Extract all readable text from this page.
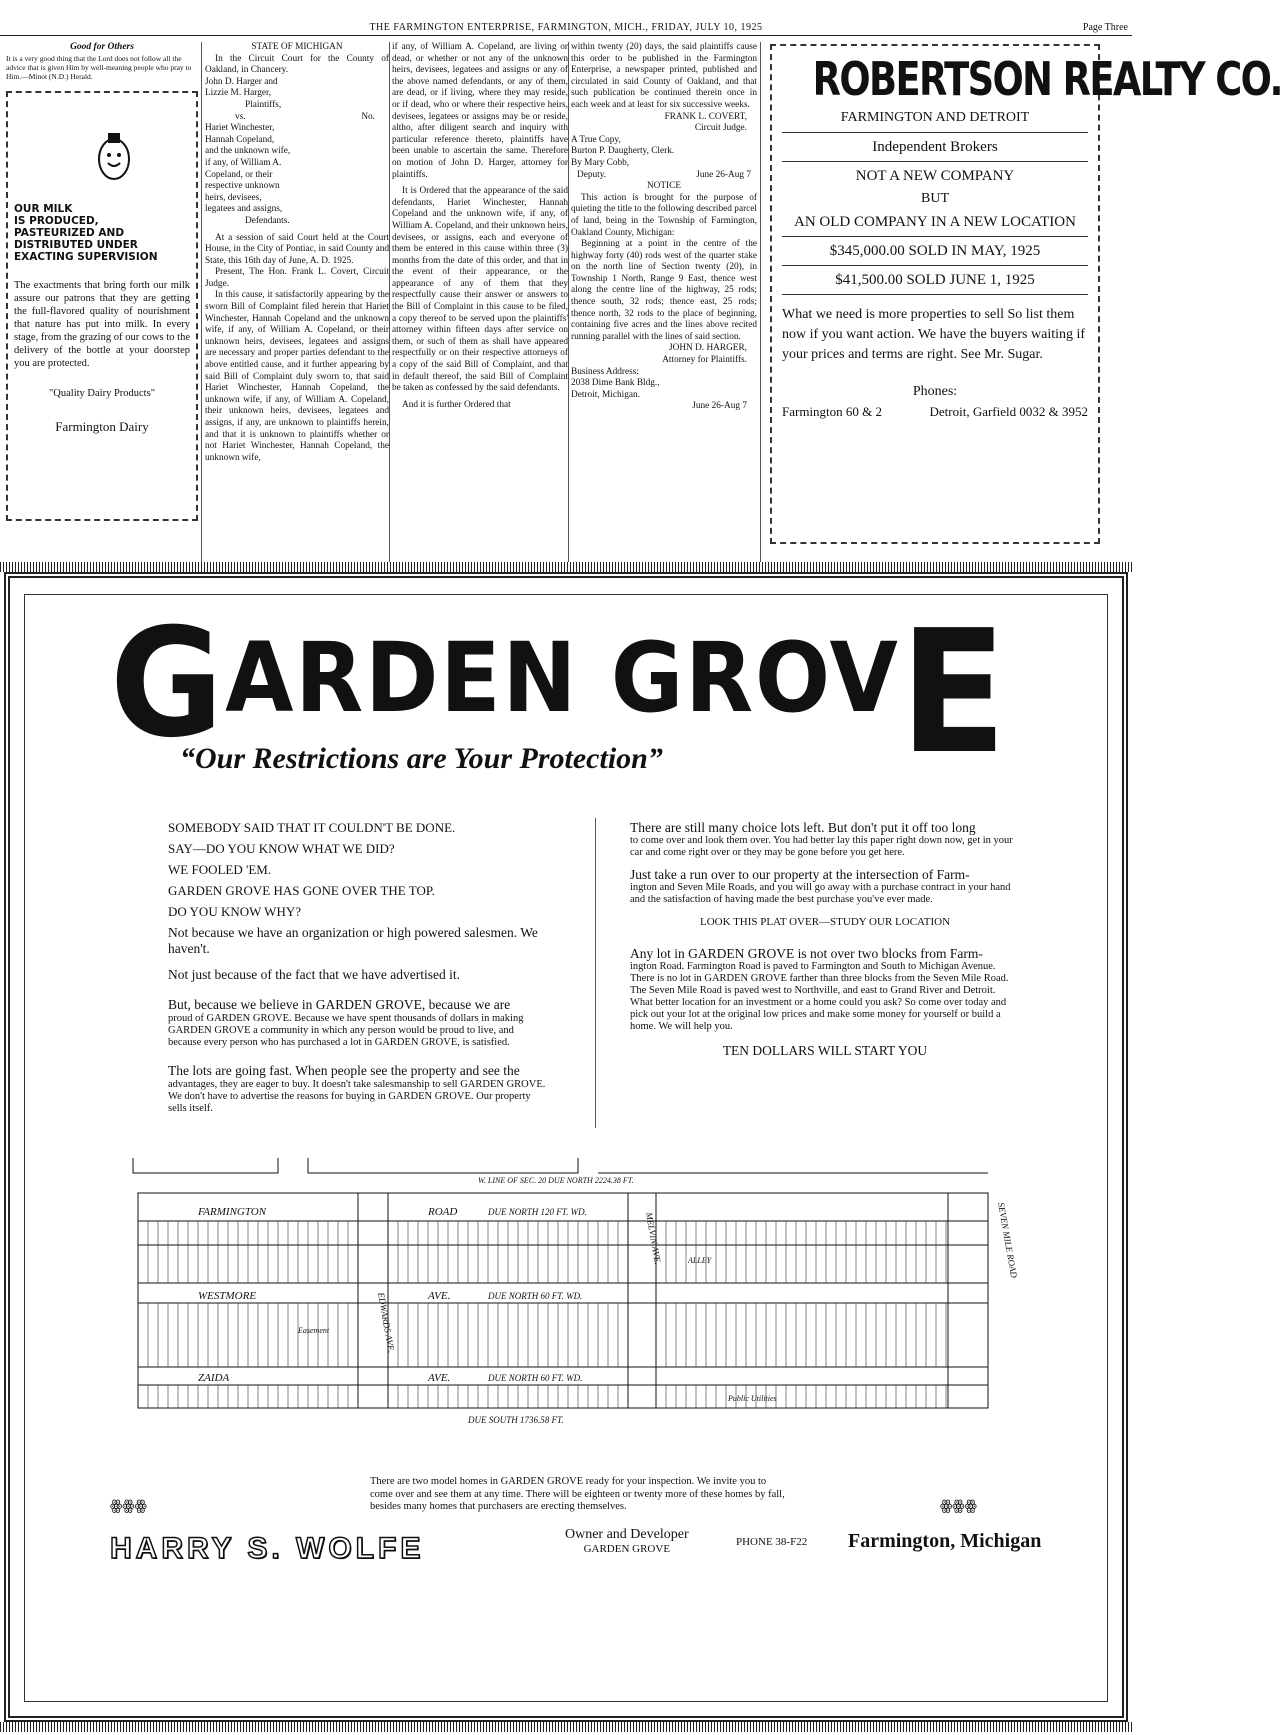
THE FARMINGTON ENTERPRISE, FARMINGTON, MICH., FRIDAY, JULY 10, 1925	Page Three
Good for Others
It is a very good thing that the Lord does not follow all the advice that is given Him by well-meaning people who pray to Him.—Minot (N.D.) Herald.
OUR MILK
IS PRODUCED,
PASTEURIZED AND
DISTRIBUTED UNDER
EXACTING SUPERVISION

The exactments that bring forth our milk assure our patrons that they are getting the full-flavored quality of nourishment that nature has put into milk. In every stage, from the grazing of our cows to the delivery of the bottle at your doorstep you are protected.

"Quality Dairy Products"
Farmington Dairy
STATE OF MICHIGAN

In the Circuit Court for the County of Oakland, in Chancery.

John D. Harger and
Lizzie M. Harger,
Plaintiffs,
vs.	No.
Hariet Winchester,
Hannah Copeland,
and the unknown wife,
if any, of William A.
Copeland, or their
respective unknown
heirs, devisees,
legatees and assigns,
Defendants.

At a session of said Court held at the Court House, in the City of Pontiac, in said County and State, this 16th day of June, A. D. 1925.

Present, The Hon. Frank L. Covert, Circuit Judge.

In this cause, it satisfactorily appearing by the sworn Bill of Complaint filed herein that Hariet Winchester, Hannah Copeland and the unknown wife, if any, of William A. Copeland, or their unknown heirs, devisees, legatees and assigns are necessary and proper parties defendant to the above entitled cause, and it further appearing by said Bill of Complaint duly sworn to, that said Hariet Winchester, Hannah Copeland, the unknown wife, if any, of William A. Copeland, their unknown heirs, devisees, legatees and assigns, if any, are unknown to plaintiffs herein, and that it is unknown to plaintiffs whether or not Hariet Winchester, Hannah Copeland, the unknown wife,

if any, of William A. Copeland, are living or dead, or whether or not any of the unknown heirs, devisees, legatees and assigns or any of the above named defendants, or any of them, are dead, or if living, where they may reside, or if dead, who or where their respective heirs, devisees, legatees or assigns may be or reside, altho, after diligent search and inquiry with particular reference thereto, plaintiffs have been unable to ascertain the same. Therefore on motion of John D. Harger, attorney for plaintiffs.

It is Ordered that the appearance of the said defendants, Hariet Winchester, Hannah Copeland and the unknown wife, if any, of William A. Copeland, and their unknown heirs, devisees, or assigns, each and everyone of them be entered in this cause within three (3) months from the date of this order, and that in the event of their appearance, or the appearance of any of them that they respectfully cause their answer or answers to the Bill of Complaint in this cause to be filed, a copy thereof to be served upon the plaintiffs' attorney within fifteen days after service on them, or such of them as shall have appeared respectfully or on their respective attorneys of a copy of the said Bill of Complaint, and that in default thereof, the said Bill of Complaint be taken as confessed by the said defendants.

And it is further Ordered that

within twenty (20) days, the said plaintiffs cause this order to be published in the Farmington Enterprise, a newspaper printed, published and circulated in said County of Oakland, and that such publication be continued therein once in each week and at least for six successive weeks.

FRANK L. COVERT,
Circuit Judge.
A True Copy,
Burton P. Daugherty, Clerk.
By Mary Cobb,
Deputy.	June 26-Aug 7
NOTICE

This action is brought for the purpose of quieting the title to the following described parcel of land, being in the Township of Farmington, Oakland County, Michigan:

Beginning at a point in the centre of the highway forty (40) rods west of the quarter stake on the north line of Section twenty (20), in Township 1 North, Range 9 East, thence west along the centre line of the highway, 25 rods; thence south, 32 rods; thence east, 25 rods; thence north, 32 rods to the place of beginning, containing five acres and the lines above recited running parallel with the lines of said section.

JOHN D. HARGER,
Attorney for Plaintiffs.
Business Address:
2038 Dime Bank Bldg.,
Detroit, Michigan.
June 26-Aug 7
ROBERTSON REALTY CO.
FARMINGTON AND DETROIT
Independent Brokers
NOT A NEW COMPANY
BUT
AN OLD COMPANY IN A NEW LOCATION
$345,000.00 SOLD IN MAY, 1925
$41,500.00 SOLD JUNE 1, 1925
What we need is more properties to sell So list them now if you want action. We have the buyers waiting if your prices and terms are right. See Mr. Sugar.
Phones:
Farmington 60 & 2	Detroit, Garfield 0032 & 3952
GARDEN GROVE
“Our Restrictions are Your Protection”
SOMEBODY SAID THAT IT COULDN'T BE DONE.
SAY—DO YOU KNOW WHAT WE DID?
WE FOOLED 'EM.
GARDEN GROVE HAS GONE OVER THE TOP.
DO YOU KNOW WHY?
Not because we have an organization or high powered salesmen. We haven't.
Not just because of the fact that we have advertised it.
But, because we believe in GARDEN GROVE, because we are
proud of GARDEN GROVE. Because we have spent thousands of dollars in making GARDEN GROVE a community in which any person would be proud to live, and because every person who has purchased a lot in GARDEN GROVE, is satisfied.
The lots are going fast. When people see the property and see the
advantages, they are eager to buy. It doesn't take salesmanship to sell GARDEN GROVE. We don't have to advertise the reasons for buying in GARDEN GROVE. Our property sells itself.
There are still many choice lots left. But don't put it off too long
to come over and look them over. You had better lay this paper right down now, get in your car and come right over or they may be gone before you get here.
Just take a run over to our property at the intersection of Farm-
ington and Seven Mile Roads, and you will go away with a purchase contract in your hand and the satisfaction of having made the best purchase you've ever made.
LOOK THIS PLAT OVER—STUDY OUR LOCATION
Any lot in GARDEN GROVE is not over two blocks from Farm-
ington Road. Farmington Road is paved to Farmington and South to Michigan Avenue. There is no lot in GARDEN GROVE farther than three blocks from the Seven Mile Road. The Seven Mile Road is paved west to Northville, and east to Grand River and Detroit. What better location for an investment or a home could you ask? So come over today and pick out your lot at the original low prices and make some money for yourself or build a home. We will help you.
TEN DOLLARS WILL START YOU
W. LINE OF SEC. 20 DUE NORTH 2224.38 FT.
FARMINGTON	ROAD	DUE NORTH 120 FT. WD.
WESTMORE	AVE.	DUE NORTH 60 FT. WD.
ZAIDA	AVE.	DUE NORTH 60 FT. WD.
EDWARDS AVE.
MELVIN AVE.	SEVEN MILE ROAD
DUE SOUTH 1736.58 FT.
Easement
ALLEY
Public Utilities
ꙮꙮꙮ	ꙮꙮꙮ
There are two model homes in GARDEN GROVE ready for your inspection. We invite you to come over and see them at any time. There will be eighteen or twenty more of these homes by fall, besides many homes that purchasers are erecting themselves.
HARRY S. WOLFE	Owner and Developer
GARDEN GROVE
PHONE 38-F22 Farmington, Michigan
